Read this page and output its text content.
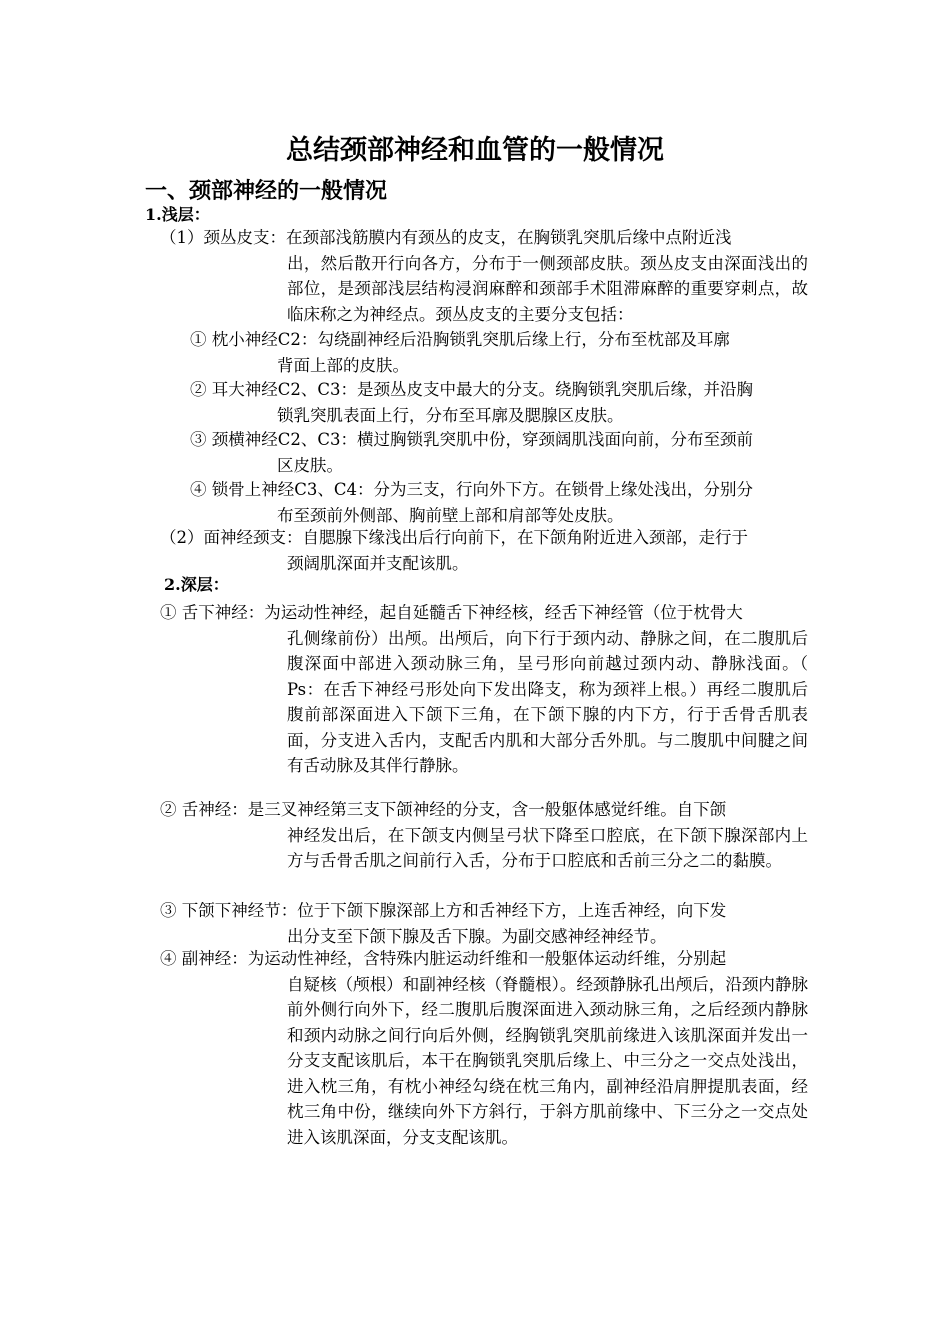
总结颈部神经和血管的一般情况
一、颈部神经的一般情况
1.浅层：
（1）颈丛皮支：在颈部浅筋膜内有颈丛的皮支，在胸锁乳突肌后缘中点附近浅
出，然后散开行向各方，分布于一侧颈部皮肤。颈丛皮支由深面浅出的部位，是颈部浅层结构浸润麻醉和颈部手术阻滞麻醉的重要穿刺点，故临床称之为神经点。颈丛皮支的主要分支包括：
① 枕小神经C2：勾绕副神经后沿胸锁乳突肌后缘上行，分布至枕部及耳廓
背面上部的皮肤。
② 耳大神经C2、C3：是颈丛皮支中最大的分支。绕胸锁乳突肌后缘，并沿胸
锁乳突肌表面上行，分布至耳廓及腮腺区皮肤。
③ 颈横神经C2、C3：横过胸锁乳突肌中份，穿颈阔肌浅面向前，分布至颈前
区皮肤。
④ 锁骨上神经C3、C4：分为三支，行向外下方。在锁骨上缘处浅出，分别分
布至颈前外侧部、胸前壁上部和肩部等处皮肤。
（2）面神经颈支：自腮腺下缘浅出后行向前下，在下颌角附近进入颈部，走行于
颈阔肌深面并支配该肌。
2.深层：
① 舌下神经：为运动性神经，起自延髓舌下神经核，经舌下神经管（位于枕骨大
孔侧缘前份）出颅。出颅后，向下行于颈内动、静脉之间，在二腹肌后腹深面中部进入颈动脉三角，呈弓形向前越过颈内动、静脉浅面。（ Ps：在舌下神经弓形处向下发出降支，称为颈袢上根。）再经二腹肌后腹前部深面进入下颌下三角，在下颌下腺的内下方，行于舌骨舌肌表面，分支进入舌内，支配舌内肌和大部分舌外肌。与二腹肌中间腱之间有舌动脉及其伴行静脉。
② 舌神经：是三叉神经第三支下颌神经的分支，含一般躯体感觉纤维。自下颌
神经发出后，在下颌支内侧呈弓状下降至口腔底，在下颌下腺深部内上方与舌骨舌肌之间前行入舌，分布于口腔底和舌前三分之二的黏膜。
③ 下颌下神经节：位于下颌下腺深部上方和舌神经下方，上连舌神经，向下发
出分支至下颌下腺及舌下腺。为副交感神经神经节。
④ 副神经：为运动性神经，含特殊内脏运动纤维和一般躯体运动纤维，分别起
自疑核（颅根）和副神经核（脊髓根）。经颈静脉孔出颅后，沿颈内静脉前外侧行向外下，经二腹肌后腹深面进入颈动脉三角，之后经颈内静脉和颈内动脉之间行向后外侧，经胸锁乳突肌前缘进入该肌深面并发出一分支支配该肌后，本干在胸锁乳突肌后缘上、中三分之一交点处浅出，进入枕三角，有枕小神经勾绕在枕三角内，副神经沿肩胛提肌表面，经枕三角中份，继续向外下方斜行，于斜方肌前缘中、下三分之一交点处进入该肌深面，分支支配该肌。
